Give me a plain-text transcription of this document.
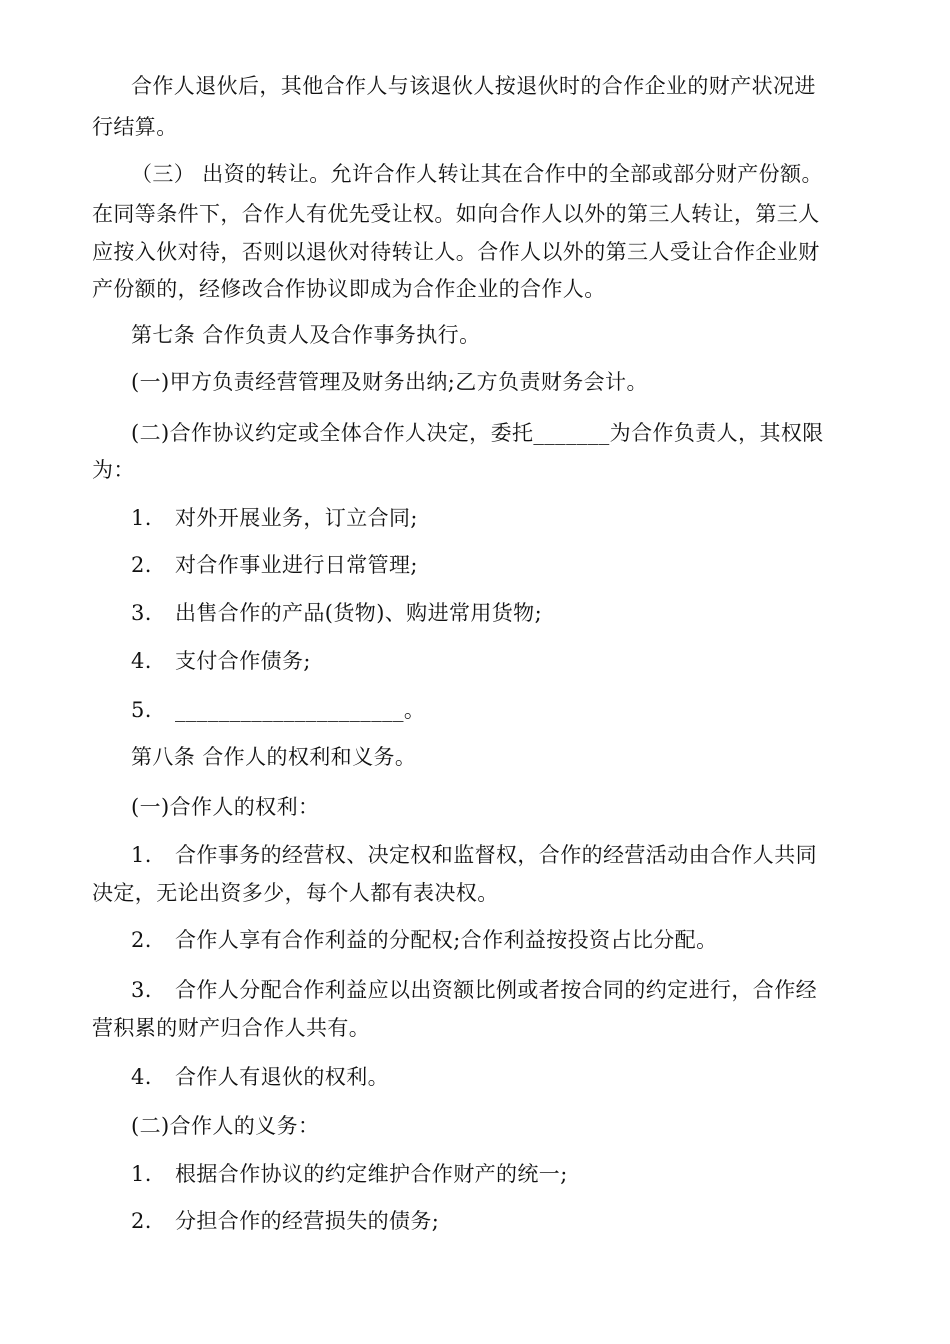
合作人退伙后，其他合作人与该退伙人按退伙时的合作企业的财产状况进
行结算。
（三） 出资的转让。允许合作人转让其在合作中的全部或部分财产份额。
在同等条件下，合作人有优先受让权。如向合作人以外的第三人转让，第三人
应按入伙对待，否则以退伙对待转让人。合作人以外的第三人受让合作企业财
产份额的，经修改合作协议即成为合作企业的合作人。
第七条 合作负责人及合作事务执行。
(一)甲方负责经营管理及财务出纳;乙方负责财务会计。
(二)合作协议约定或全体合作人决定，委托_______为合作负责人，其权限
为：
1. 对外开展业务，订立合同;
2. 对合作事业进行日常管理;
3. 出售合作的产品(货物)、购进常用货物;
4. 支付合作债务;
5. _____________________。
第八条 合作人的权利和义务。
(一)合作人的权利：
1. 合作事务的经营权、决定权和监督权，合作的经营活动由合作人共同
决定，无论出资多少，每个人都有表决权。
2. 合作人享有合作利益的分配权;合作利益按投资占比分配。
3. 合作人分配合作利益应以出资额比例或者按合同的约定进行，合作经
营积累的财产归合作人共有。
4. 合作人有退伙的权利。
(二)合作人的义务：
1. 根据合作协议的约定维护合作财产的统一;
2. 分担合作的经营损失的债务;
